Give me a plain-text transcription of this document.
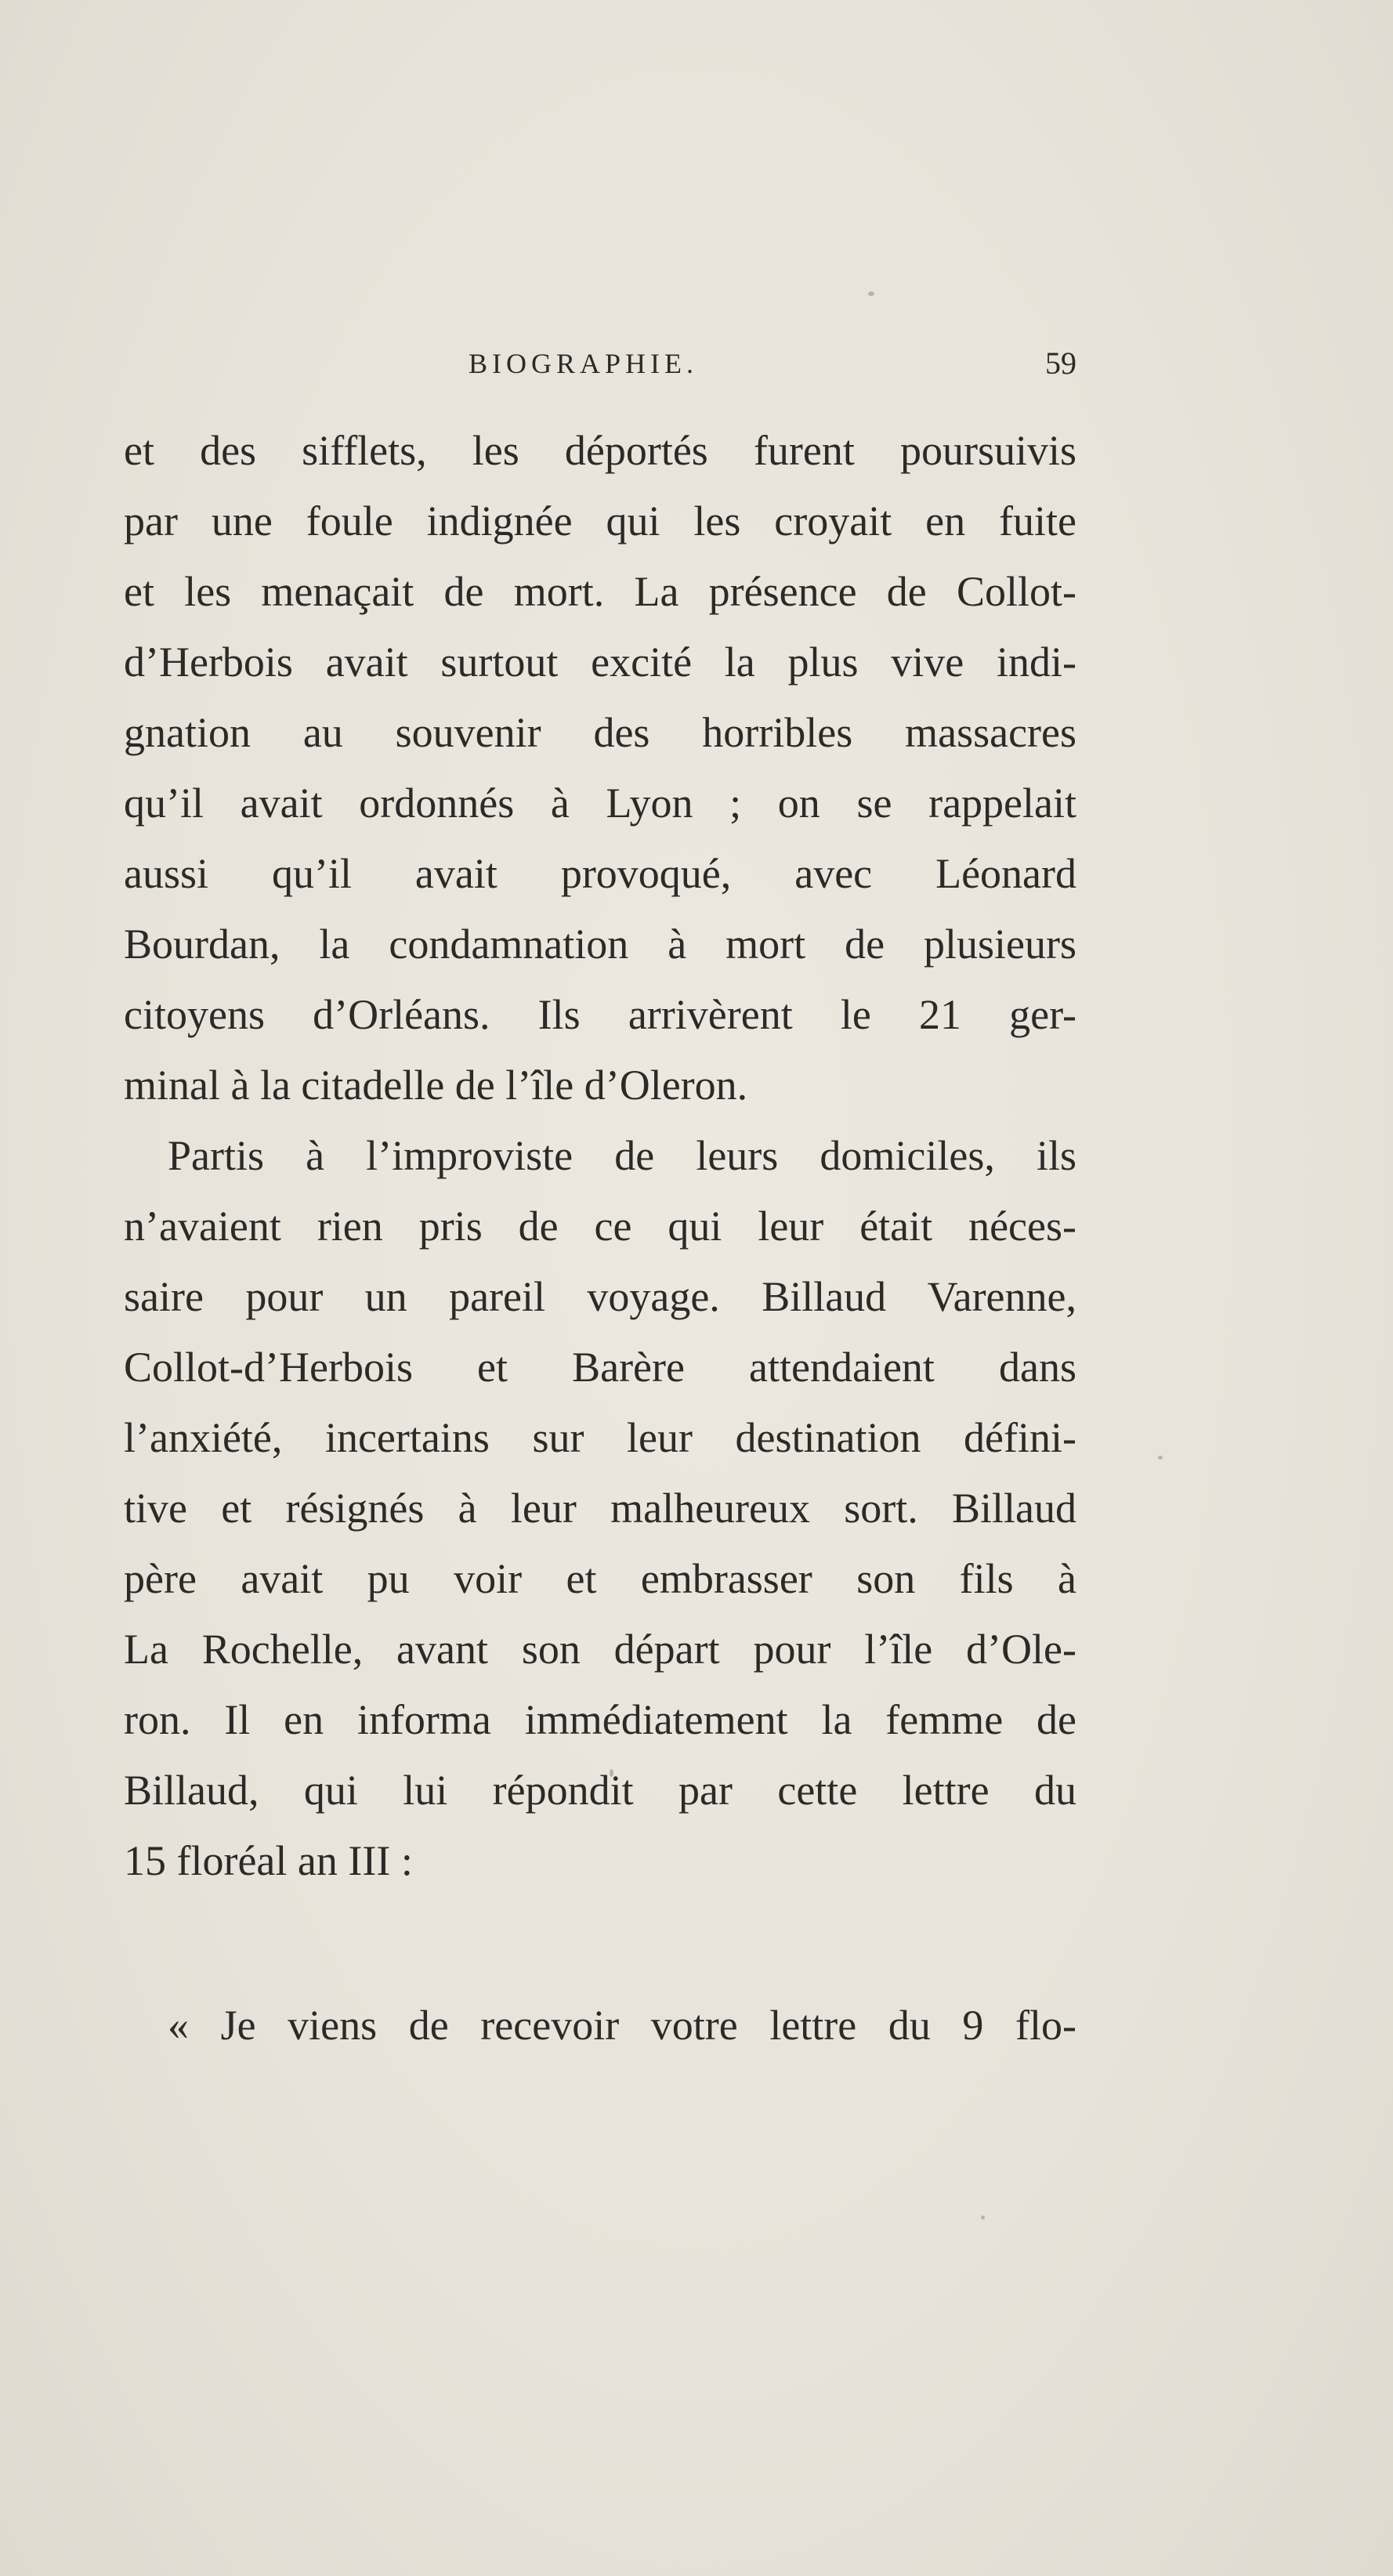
BIOGRAPHIE.	59
et des sifflets, les déportés furent poursuivis
par une foule indignée qui les croyait en fuite
et les menaçait de mort. La présence de Collot-
d’Herbois avait surtout excité la plus vive indi-
gnation au souvenir des horribles massacres
qu’il avait ordonnés à Lyon ; on se rappelait
aussi qu’il avait provoqué, avec Léonard
Bourdan, la condamnation à mort de plusieurs
citoyens d’Orléans. Ils arrivèrent le 21 ger-
minal à la citadelle de l’île d’Oleron.
Partis à l’improviste de leurs domiciles, ils
n’avaient rien pris de ce qui leur était néces-
saire pour un pareil voyage. Billaud Varenne,
Collot-d’Herbois et Barère attendaient dans
l’anxiété, incertains sur leur destination défini-
tive et résignés à leur malheureux sort. Billaud
père avait pu voir et embrasser son fils à
La Rochelle, avant son départ pour l’île d’Ole-
ron. Il en informa immédiatement la femme de
Billaud, qui lui répondit par cette lettre du
15 floréal an III :
« Je viens de recevoir votre lettre du 9 flo-
